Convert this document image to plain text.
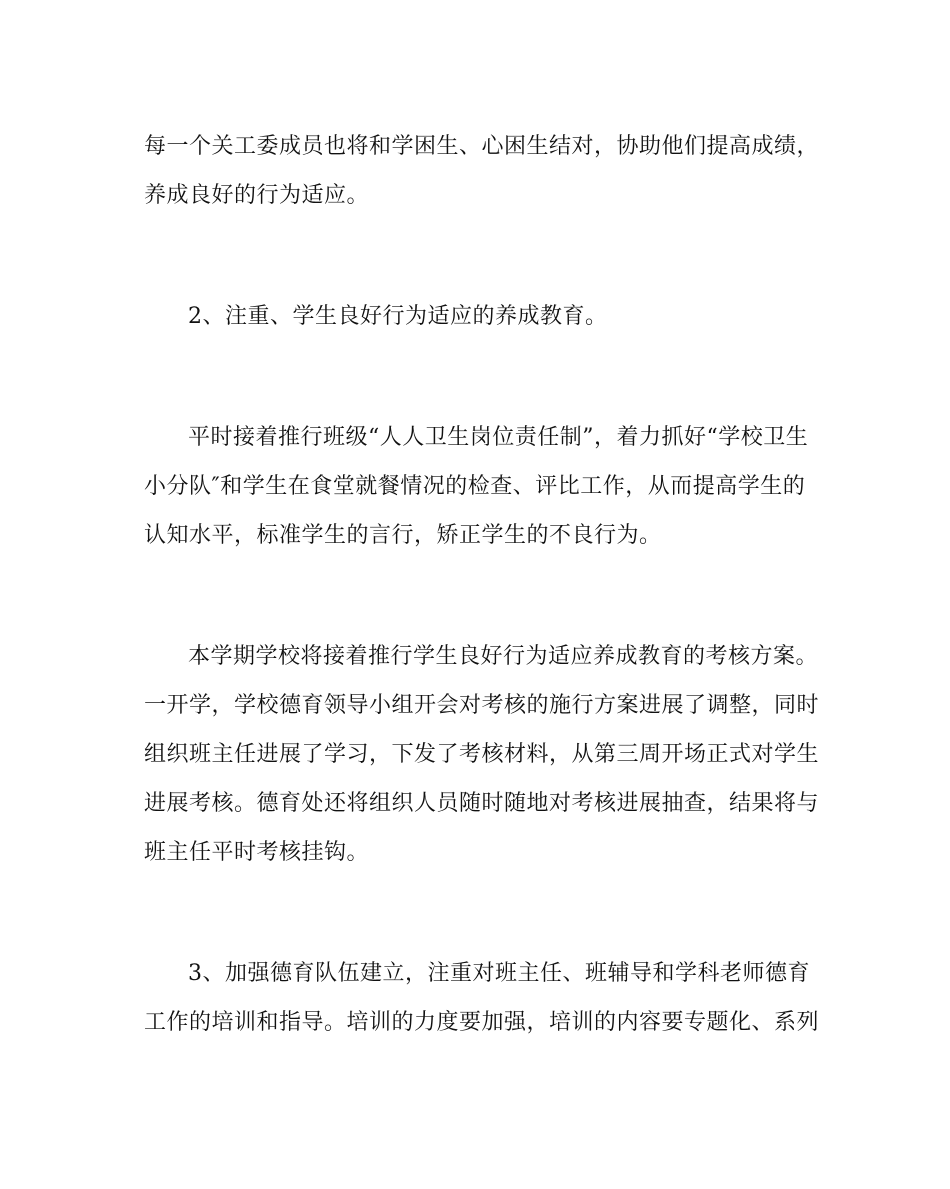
每一个关工委成员也将和学困生、心困生结对，协助他们提高成绩，
养成良好的行为适应。
2、注重、学生良好行为适应的养成教育。
平时接着推行班级“人人卫生岗位责任制”，着力抓好“学校卫生
小分队″和学生在食堂就餐情况的检查、评比工作，从而提高学生的
认知水平，标准学生的言行，矫正学生的不良行为。
本学期学校将接着推行学生良好行为适应养成教育的考核方案。
一开学，学校德育领导小组开会对考核的施行方案进展了调整，同时
组织班主任进展了学习，下发了考核材料，从第三周开场正式对学生
进展考核。德育处还将组织人员随时随地对考核进展抽查，结果将与
班主任平时考核挂钩。
3、加强德育队伍建立，注重对班主任、班辅导和学科老师德育
工作的培训和指导。培训的力度要加强，培训的内容要专题化、系列
